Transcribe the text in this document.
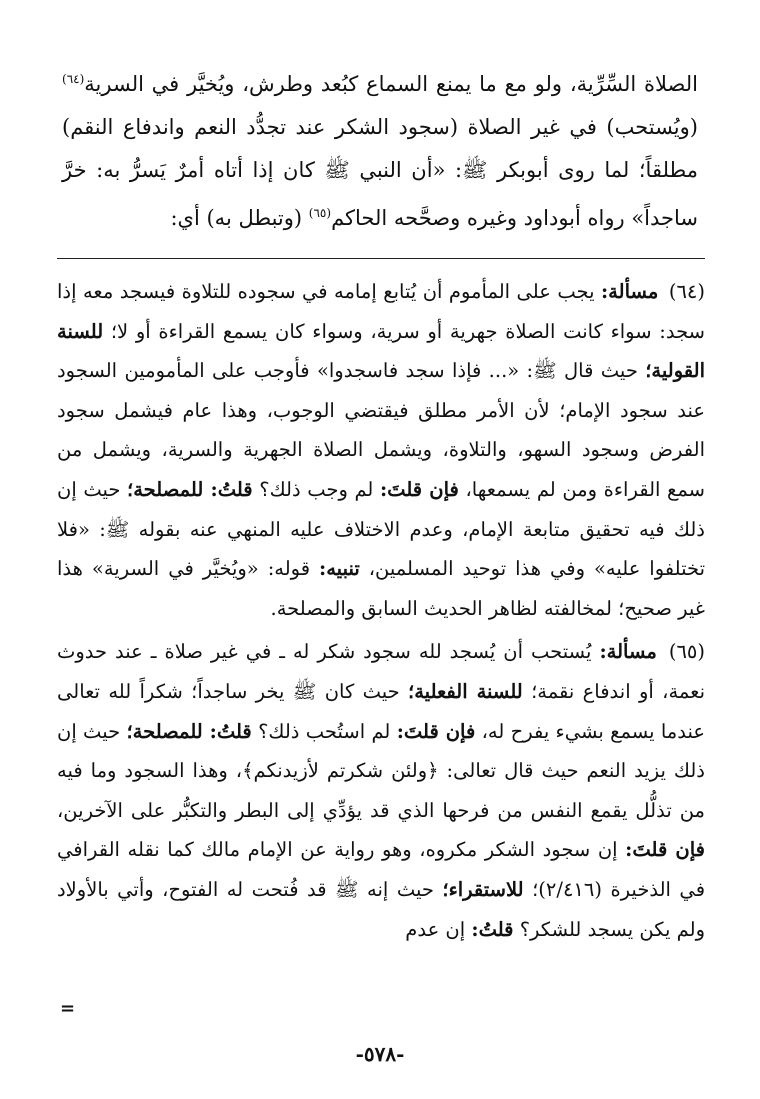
الصلاة السِّرِّية، ولو مع ما يمنع السماع كبُعد وطرش، ويُخيَّر في السرية$^{(٦٤)}$ (ويُستحب) في غير الصلاة (سجود الشكر عند تجدُّد النعم واندفاع النقم) مطلقاً؛ لما روى أبوبكر ﷺ: «أن النبي ﷺ كان إذا أتاه أمرٌ يَسرُّ به: خرَّ ساجداً» رواه أبوداود وغيره وصحَّحه الحاكم$^{(٦٥)}$ (وتبطل به) أي:

(٦٤) مسألة: يجب على المأموم أن يُتابع إمامه في سجوده للتلاوة فيسجد معه إذا سجد: سواء كانت الصلاة جهرية أو سرية، وسواء كان يسمع القراءة أو لا؛ للسنة القولية؛ حيث قال ﷺ: «... فإذا سجد فاسجدوا» فأوجب على المأمومين السجود عند سجود الإمام؛ لأن الأمر مطلق فيقتضي الوجوب، وهذا عام فيشمل سجود الفرض وسجود السهو، والتلاوة، ويشمل الصلاة الجهرية والسرية، ويشمل من سمع القراءة ومن لم يسمعها، فإن قلتَ: لم وجب ذلك؟ قلتُ: للمصلحة؛ حيث إن ذلك فيه تحقيق متابعة الإمام، وعدم الاختلاف عليه المنهي عنه بقوله ﷺ: «فلا تختلفوا عليه» وفي هذا توحيد المسلمين، تنبيه: قوله: «ويُخيَّر في السرية» هذا غير صحيح؛ لمخالفته لظاهر الحديث السابق والمصلحة.

(٦٥) مسألة: يُستحب أن يُسجد لله سجود شكر له ـ في غير صلاة ـ عند حدوث نعمة، أو اندفاع نقمة؛ للسنة الفعلية؛ حيث كان ﷺ يخر ساجداً؛ شكراً لله تعالى عندما يسمع بشيء يفرح له، فإن قلتَ: لم استُحب ذلك؟ قلتُ: للمصلحة؛ حيث إن ذلك يزيد النعم حيث قال تعالى: ﴿ولئن شكرتم لأزيدنكم﴾، وهذا السجود وما فيه من تذلُّل يقمع النفس من فرحها الذي قد يؤدِّي إلى البطر والتكبُّر على الآخرين، فإن قلتَ: إن سجود الشكر مكروه، وهو رواية عن الإمام مالك كما نقله القرافي في الذخيرة (٢/٤١٦)؛ للاستقراء؛ حيث إنه ﷺ قد فُتحت له الفتوح، وأتي بالأولاد ولم يكن يسجد للشكر؟ قلتُ: إن عدم

=
-٥٧٨-
